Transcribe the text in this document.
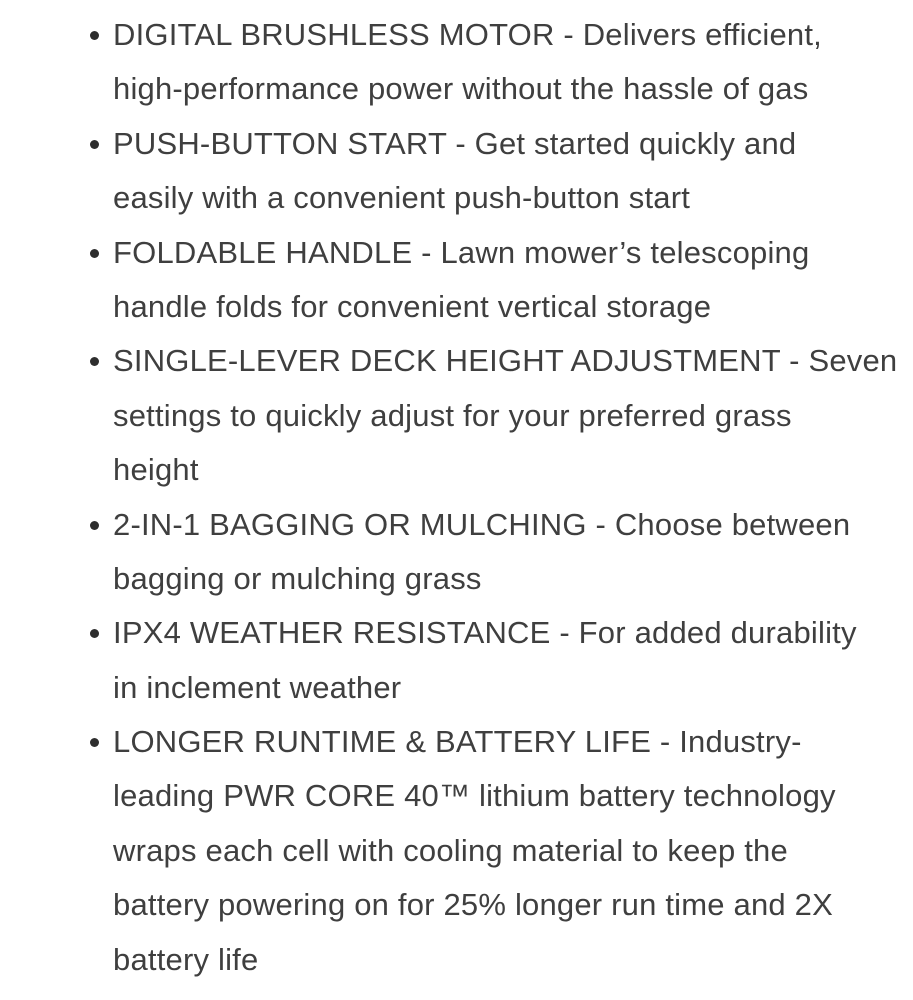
DIGITAL BRUSHLESS MOTOR - Delivers efficient,
high-performance power without the hassle of gas
PUSH-BUTTON START - Get started quickly and
easily with a convenient push-button start
FOLDABLE HANDLE - Lawn mower’s telescoping
handle folds for convenient vertical storage
SINGLE-LEVER DECK HEIGHT ADJUSTMENT - Seven
settings to quickly adjust for your preferred grass
height
2-IN-1 BAGGING OR MULCHING - Choose between
bagging or mulching grass
IPX4 WEATHER RESISTANCE - For added durability
in inclement weather
LONGER RUNTIME & BATTERY LIFE - Industry-
leading PWR CORE 40™ lithium battery technology
wraps each cell with cooling material to keep the
battery powering on for 25% longer run time and 2X
battery life
